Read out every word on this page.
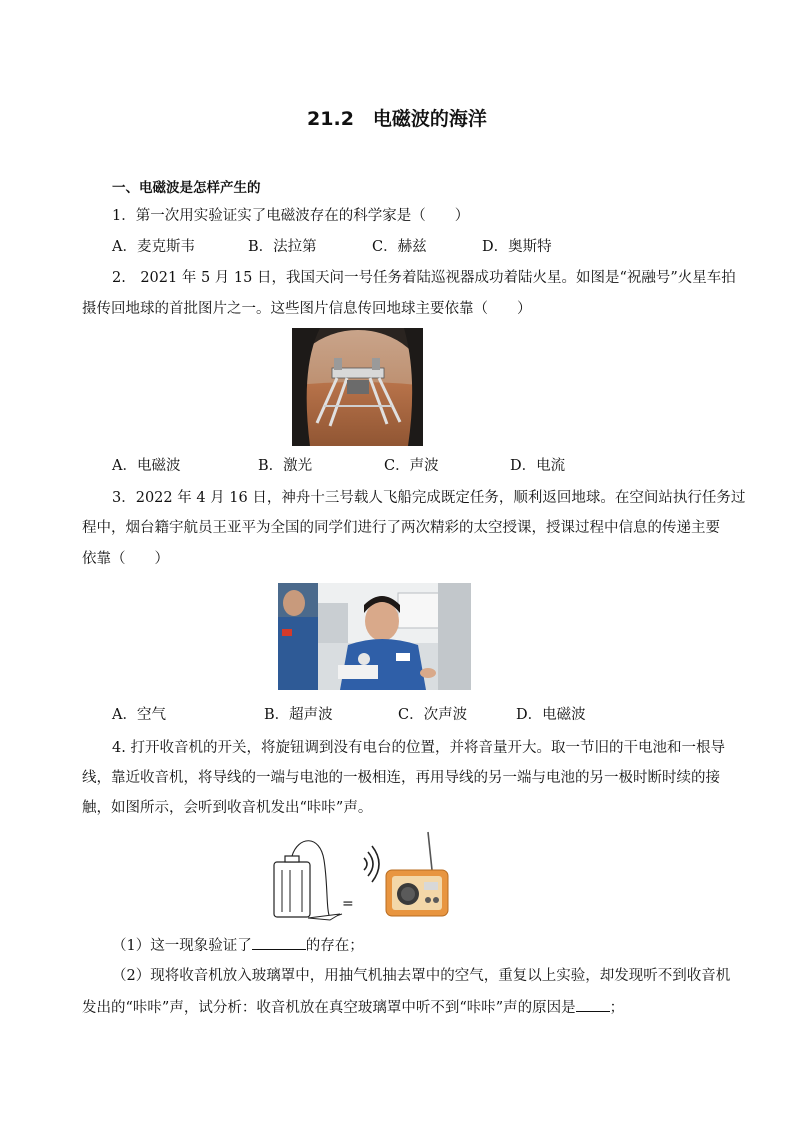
21.2　电磁波的海洋
一、电磁波是怎样产生的
1．第一次用实验证实了电磁波存在的科学家是（　　）
A．麦克斯韦	B．法拉第	C．赫兹	D．奥斯特
2.　2021 年 5 月 15 日，我国天问一号任务着陆巡视器成功着陆火星。如图是“祝融号”火星车拍
摄传回地球的首批图片之一。这些图片信息传回地球主要依靠（　　）
A．电磁波	B．激光	C．声波	D．电流
3．2022 年 4 月 16 日，神舟十三号载人飞船完成既定任务，顺利返回地球。在空间站执行任务过
程中，烟台籍宇航员王亚平为全国的同学们进行了两次精彩的太空授课，授课过程中信息的传递主要
依靠（　　）
A．空气	B．超声波	C．次声波	D．电磁波
4. 打开收音机的开关，将旋钮调到没有电台的位置，并将音量开大。取一节旧的干电池和一根导
线，靠近收音机，将导线的一端与电池的一极相连，再用导线的另一端与电池的另一极时断时续的接
触，如图所示，会听到收音机发出“咔咔”声。
=
（1）这一现象验证了	的存在；
（2）现将收音机放入玻璃罩中，用抽气机抽去罩中的空气，重复以上实验，却发现听不到收音机
发出的“咔咔”声，试分析：收音机放在真空玻璃罩中听不到“咔咔”声的原因是 ；
